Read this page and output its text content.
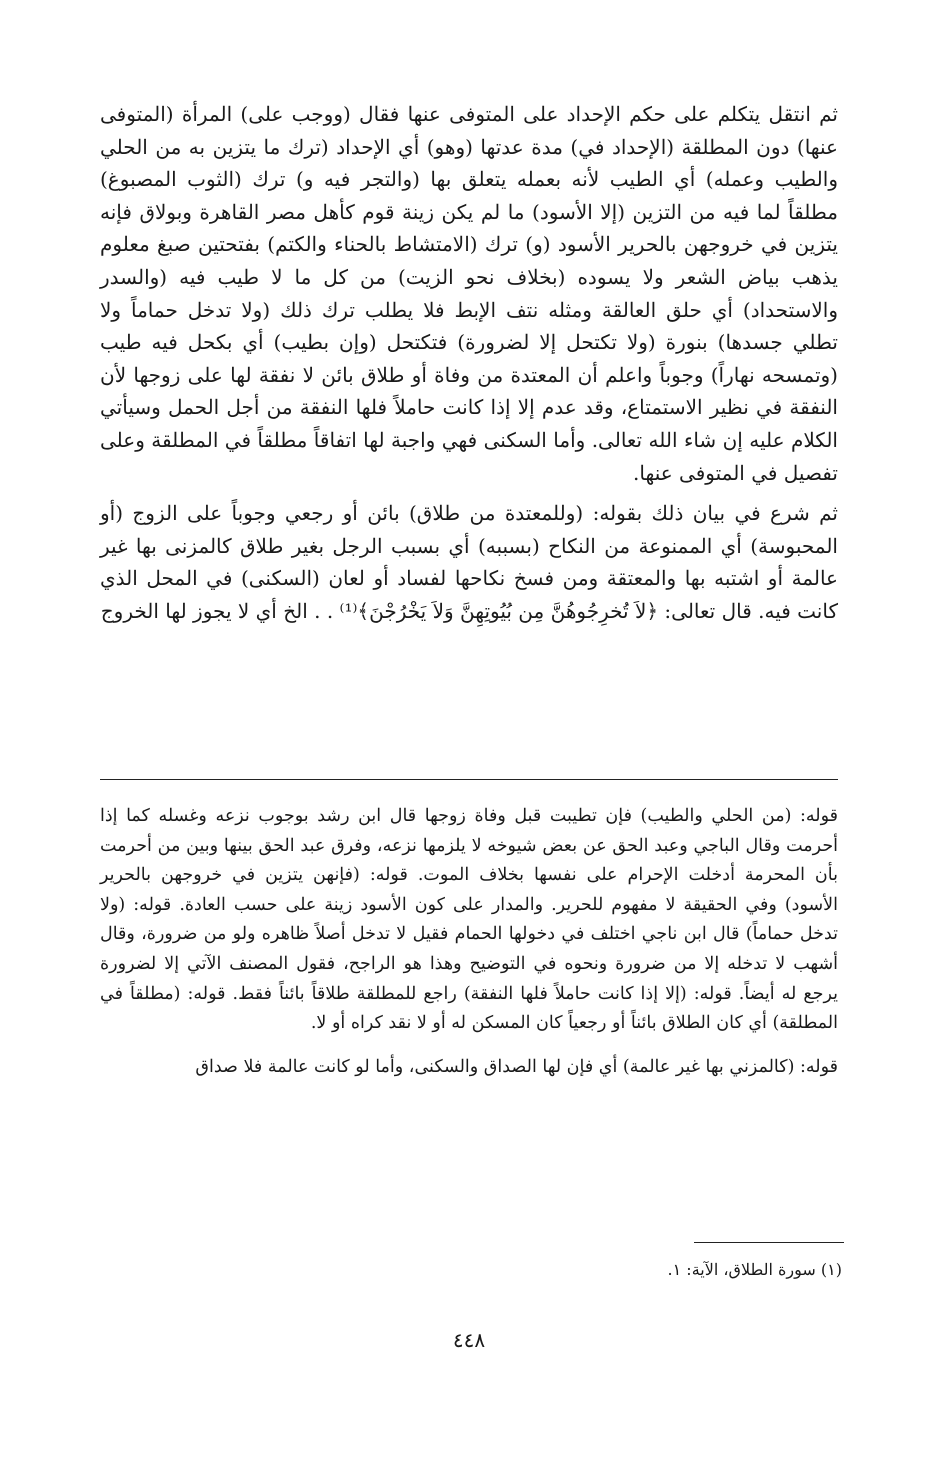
ثم انتقل يتكلم على حكم الإحداد على المتوفى عنها فقال (ووجب على) المرأة (المتوفى عنها) دون المطلقة (الإحداد في) مدة عدتها (وهو) أي الإحداد (ترك ما يتزين به من الحلي والطيب وعمله) أي الطيب لأنه بعمله يتعلق بها (والتجر فيه و) ترك (الثوب المصبوغ) مطلقاً لما فيه من التزين (إلا الأسود) ما لم يكن زينة قوم كأهل مصر القاهرة وبولاق فإنه يتزين في خروجهن بالحرير الأسود (و) ترك (الامتشاط بالحناء والكتم) بفتحتين صبغ معلوم يذهب بياض الشعر ولا يسوده (بخلاف نحو الزيت) من كل ما لا طيب فيه (والسدر والاستحداد) أي حلق العالقة ومثله نتف الإبط فلا يطلب ترك ذلك (ولا تدخل حماماً ولا تطلي جسدها) بنورة (ولا تكتحل إلا لضرورة) فتكتحل (وإن بطيب) أي بكحل فيه طيب (وتمسحه نهاراً) وجوباً واعلم أن المعتدة من وفاة أو طلاق بائن لا نفقة لها على زوجها لأن النفقة في نظير الاستمتاع، وقد عدم إلا إذا كانت حاملاً فلها النفقة من أجل الحمل وسيأتي الكلام عليه إن شاء الله تعالى. وأما السكنى فهي واجبة لها اتفاقاً مطلقاً في المطلقة وعلى تفصيل في المتوفى عنها.

ثم شرع في بيان ذلك بقوله: (وللمعتدة من طلاق) بائن أو رجعي وجوباً على الزوج (أو المحبوسة) أي الممنوعة من النكاح (بسببه) أي بسبب الرجل بغير طلاق كالمزنى بها غير عالمة أو اشتبه بها والمعتقة ومن فسخ نكاحها لفساد أو لعان (السكنى) في المحل الذي كانت فيه. قال تعالى: ﴿لاَ تُخرِجُوهُنَّ مِن بُيُوتِهِنَّ وَلاَ يَخْرُجْنَ﴾⁽¹⁾ . . الخ أي لا يجوز لها الخروج

قوله: (من الحلي والطيب) فإن تطيبت قبل وفاة زوجها قال ابن رشد بوجوب نزعه وغسله كما إذا أحرمت وقال الباجي وعبد الحق عن بعض شيوخه لا يلزمها نزعه، وفرق عبد الحق بينها وبين من أحرمت بأن المحرمة أدخلت الإحرام على نفسها بخلاف الموت. قوله: (فإنهن يتزين في خروجهن بالحرير الأسود) وفي الحقيقة لا مفهوم للحرير. والمدار على كون الأسود زينة على حسب العادة. قوله: (ولا تدخل حماماً) قال ابن ناجي اختلف في دخولها الحمام فقيل لا تدخل أصلاً ظاهره ولو من ضرورة، وقال أشهب لا تدخله إلا من ضرورة ونحوه في التوضيح وهذا هو الراجح، فقول المصنف الآتي إلا لضرورة يرجع له أيضاً. قوله: (إلا إذا كانت حاملاً فلها النفقة) راجع للمطلقة طلاقاً بائناً فقط. قوله: (مطلقاً في المطلقة) أي كان الطلاق بائناً أو رجعياً كان المسكن له أو لا نقد كراه أو لا.

قوله: (كالمزني بها غير عالمة) أي فإن لها الصداق والسكنى، وأما لو كانت عالمة فلا صداق

(١) سورة الطلاق، الآية: ١.
٤٤٨
